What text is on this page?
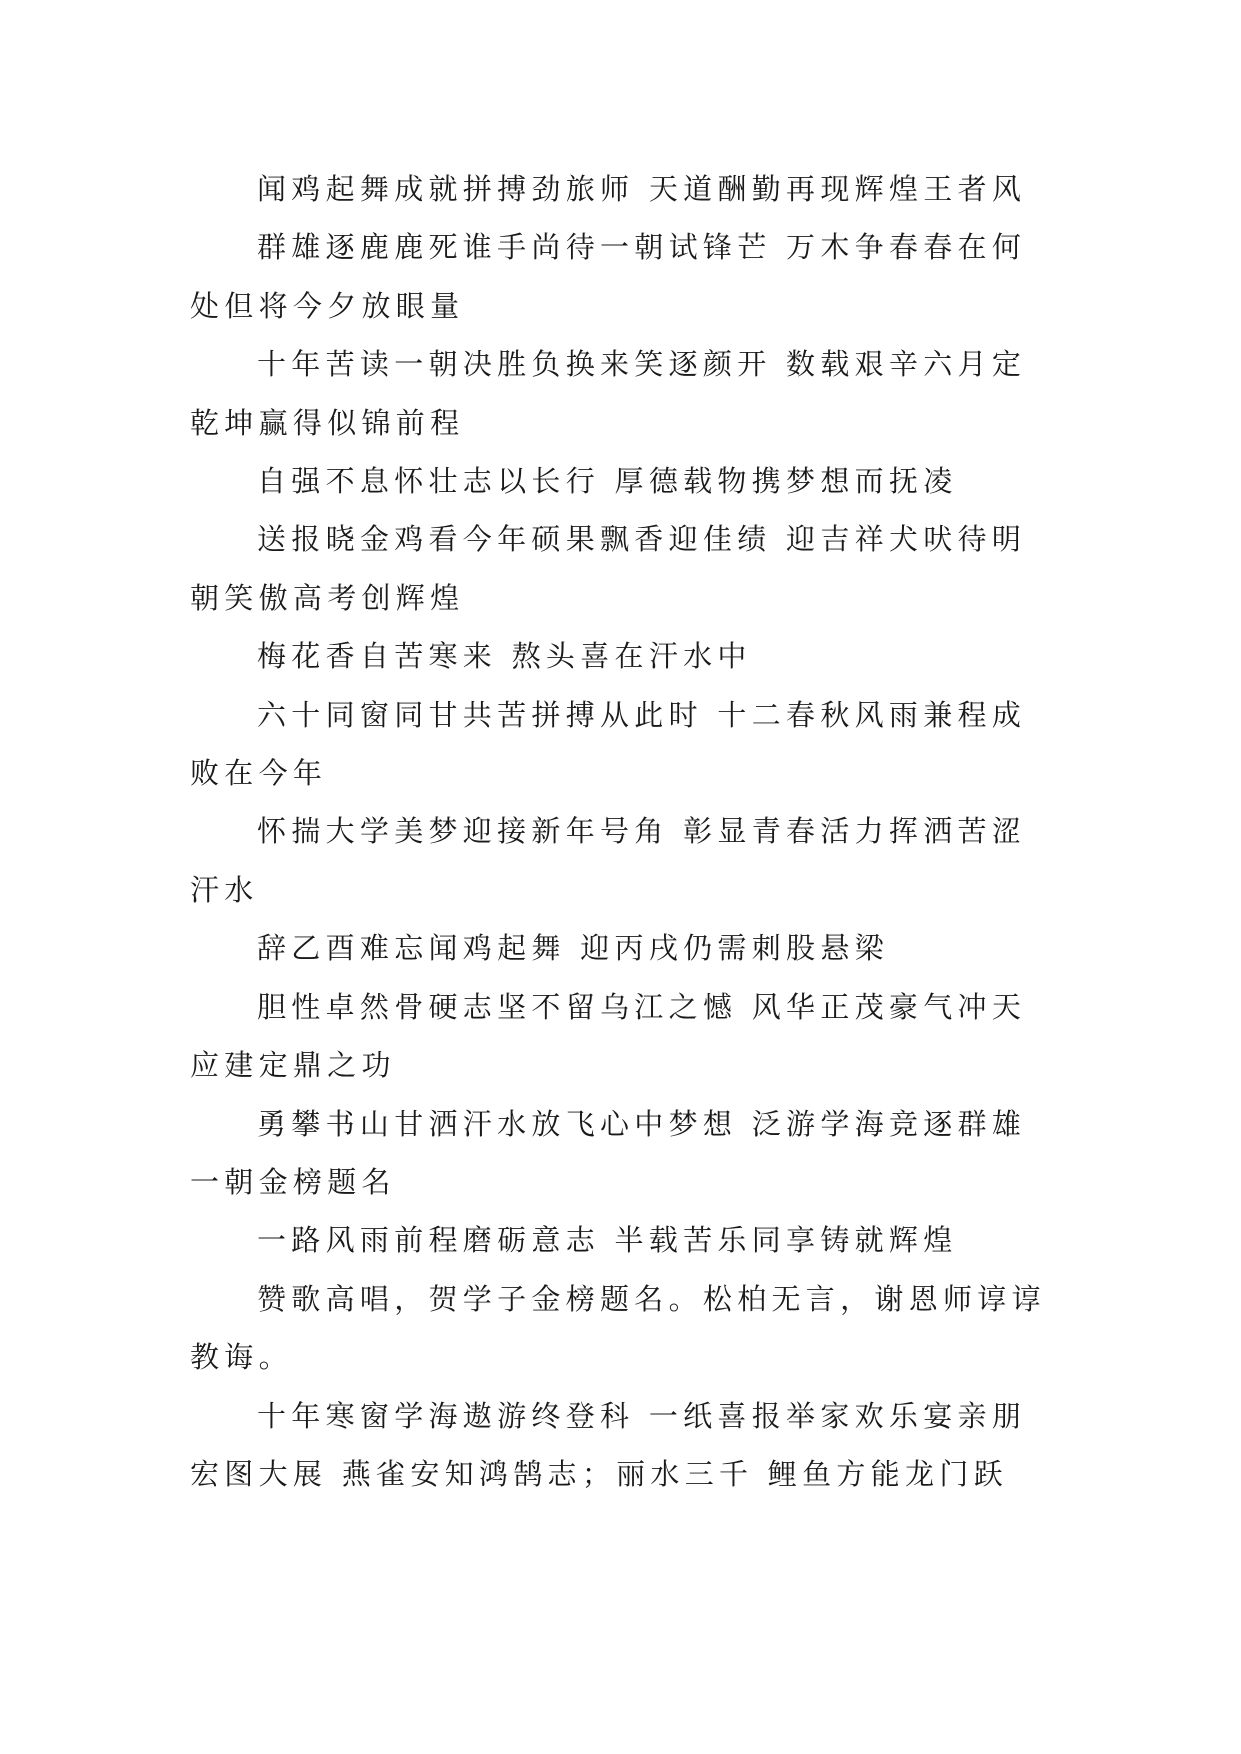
闻鸡起舞成就拼搏劲旅师 天道酬勤再现辉煌王者风

群雄逐鹿鹿死谁手尚待一朝试锋芒 万木争春春在何处但将今夕放眼量

十年苦读一朝决胜负换来笑逐颜开 数载艰辛六月定乾坤赢得似锦前程

自强不息怀壮志以长行 厚德载物携梦想而抚凌

送报晓金鸡看今年硕果飘香迎佳绩 迎吉祥犬吠待明朝笑傲高考创辉煌

梅花香自苦寒来 熬头喜在汗水中

六十同窗同甘共苦拼搏从此时 十二春秋风雨兼程成败在今年

怀揣大学美梦迎接新年号角 彰显青春活力挥洒苦涩汗水

辞乙酉难忘闻鸡起舞 迎丙戌仍需刺股悬梁

胆性卓然骨硬志坚不留乌江之憾 风华正茂豪气冲天应建定鼎之功

勇攀书山甘洒汗水放飞心中梦想 泛游学海竞逐群雄一朝金榜题名

一路风雨前程磨砺意志 半载苦乐同享铸就辉煌

赞歌高唱，贺学子金榜题名。松柏无言，谢恩师谆谆教诲。

十年寒窗学海遨游终登科 一纸喜报举家欢乐宴亲朋宏图大展 燕雀安知鸿鹄志；丽水三千 鲤鱼方能龙门跃
